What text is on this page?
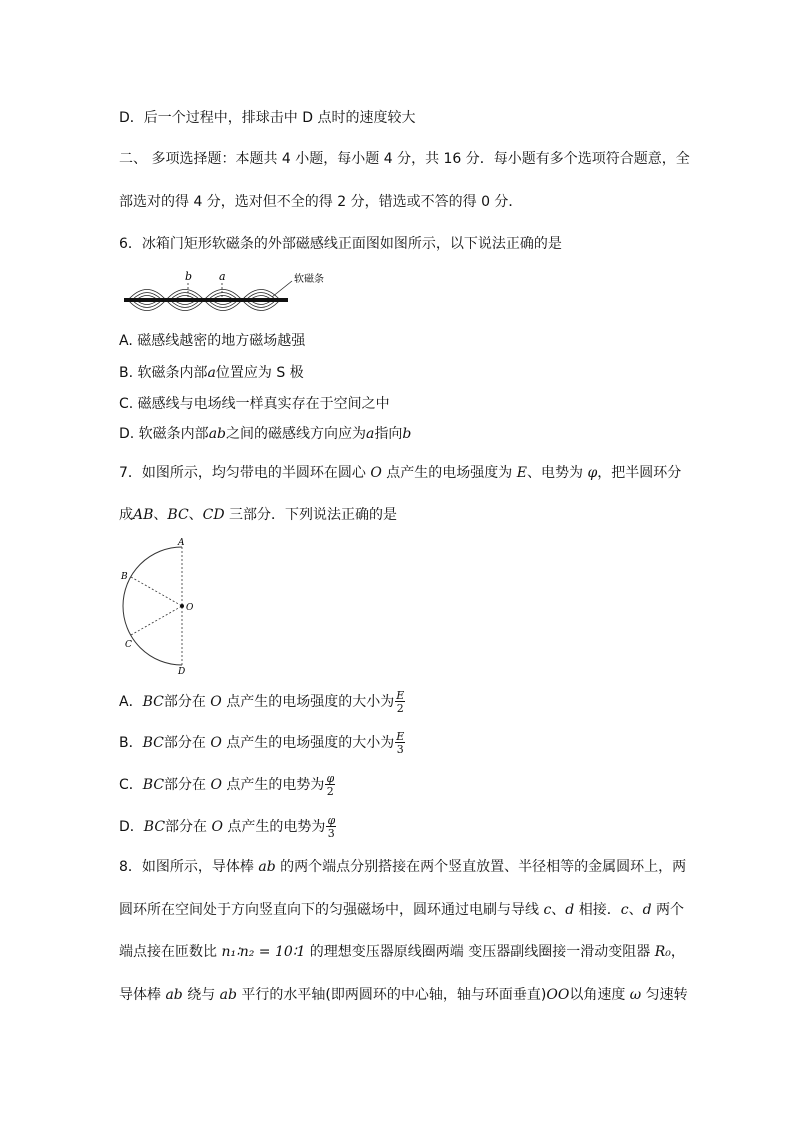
D．后一个过程中，排球击中 D 点时的速度较大
二、 多项选择题：本题共 4 小题，每小题 4 分，共 16 分．每小题有多个选项符合题意，全
部选对的得 4 分，选对但不全的得 2 分，错选或不答的得 0 分．
6．冰箱门矩形软磁条的外部磁感线正面图如图所示，以下说法正确的是
b a	软磁条
A. 磁感线越密的地方磁场越强
B. 软磁条内部a位置应为 S 极
C. 磁感线与电场线一样真实存在于空间之中
D. 软磁条内部ab之间的磁感线方向应为a指向b
7．如图所示，均匀带电的半圆环在圆心 O 点产生的电场强度为 E、电势为 φ，把半圆环分
成AB、BC、CD 三部分．下列说法正确的是
A
B
O
C
D
A．BC部分在 O 点产生的电场强度的大小为 $\frac{E}{2}$
B．BC部分在 O 点产生的电场强度的大小为 $\frac{E}{3}$
C．BC部分在 O 点产生的电势为 $\frac{\varphi}{2}$
D．BC部分在 O 点产生的电势为 $\frac{\varphi}{3}$
8．如图所示，导体棒 ab 的两个端点分别搭接在两个竖直放置、半径相等的金属圆环上，两
圆环所在空间处于方向竖直向下的匀强磁场中，圆环通过电刷与导线 c、d 相接．c、d 两个
端点接在匝数比 n₁∶n₂ = 10∶1 的理想变压器原线圈两端 变压器副线圈接一滑动变阻器 R₀，
导体棒 ab 绕与 ab 平行的水平轴(即两圆环的中心轴，轴与环面垂直)OO以角速度 ω 匀速转
